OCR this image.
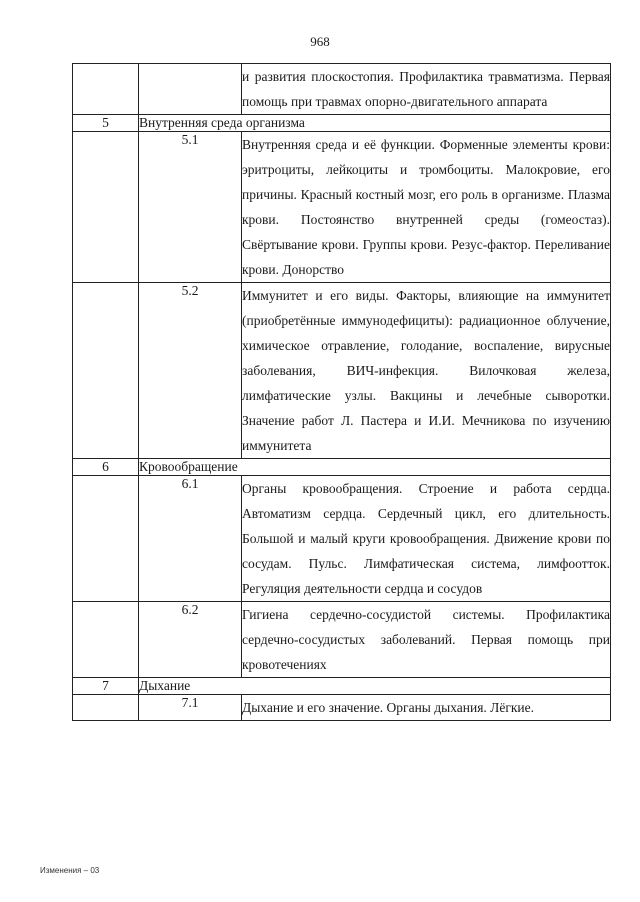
968
		и развития плоскостопия. Профилактика травматизма. Первая помощь при травмах опорно-двигательного аппарата
5	Внутренняя среда организма	
	5.1	Внутренняя среда и её функции. Форменные элементы крови: эритроциты, лейкоциты и тромбоциты. Малокровие, его причины. Красный костный мозг, его роль в организме. Плазма крови. Постоянство внутренней среды (гомеостаз). Свёртывание крови. Группы крови. Резус-фактор. Переливание крови. Донорство
	5.2	Иммунитет и его виды. Факторы, влияющие на иммунитет (приобретённые иммунодефициты): радиационное облучение, химическое отравление, голодание, воспаление, вирусные заболевания, ВИЧ-инфекция. Вилочковая железа, лимфатические узлы. Вакцины и лечебные сыворотки. Значение работ Л. Пастера и И.И. Мечникова по изучению иммунитета
6	Кровообращение	
	6.1	Органы кровообращения. Строение и работа сердца. Автоматизм сердца. Сердечный цикл, его длительность. Большой и малый круги кровообращения. Движение крови по сосудам. Пульс. Лимфатическая система, лимфоотток. Регуляция деятельности сердца и сосудов
	6.2	Гигиена сердечно-сосудистой системы. Профилактика сердечно-сосудистых заболеваний. Первая помощь при кровотечениях
7	Дыхание	
	7.1	Дыхание и его значение. Органы дыхания. Лёгкие.
Изменения – 03
